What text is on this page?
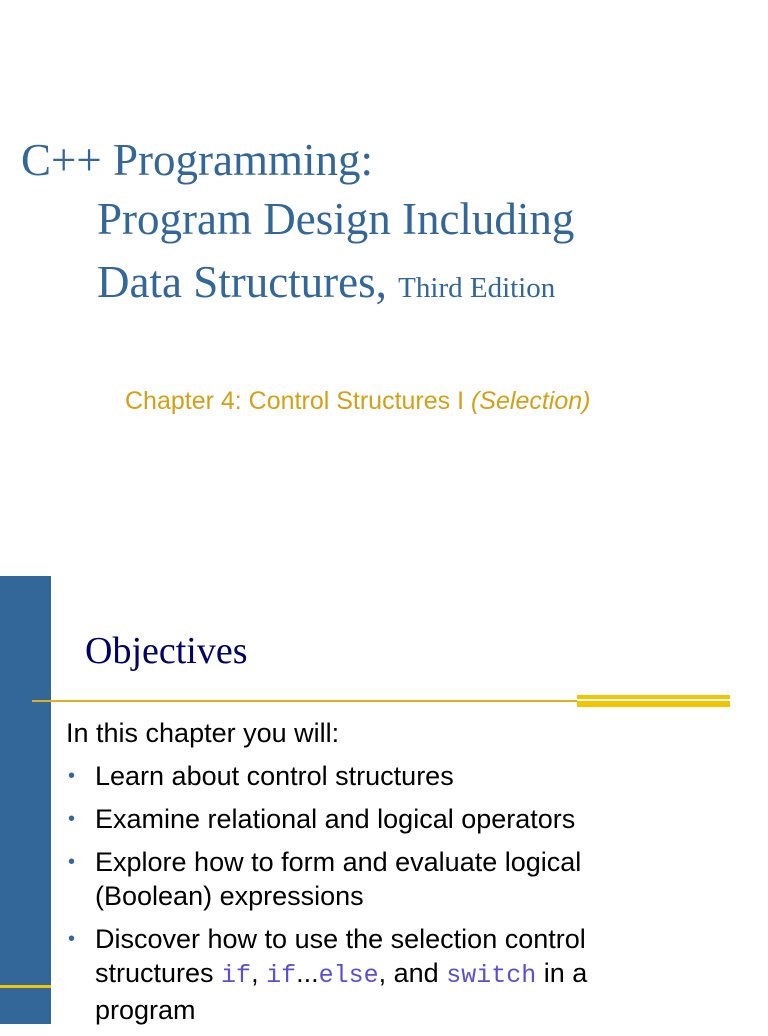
C++ Programming:
Program Design Including
Data Structures, Third Edition
Chapter 4: Control Structures I (Selection)
Objectives
In this chapter you will:
• Learn about control structures
• Examine relational and logical operators
• Explore how to form and evaluate logical
(Boolean) expressions
• Discover how to use the selection control
structures if, if...else, and switch in a
program
